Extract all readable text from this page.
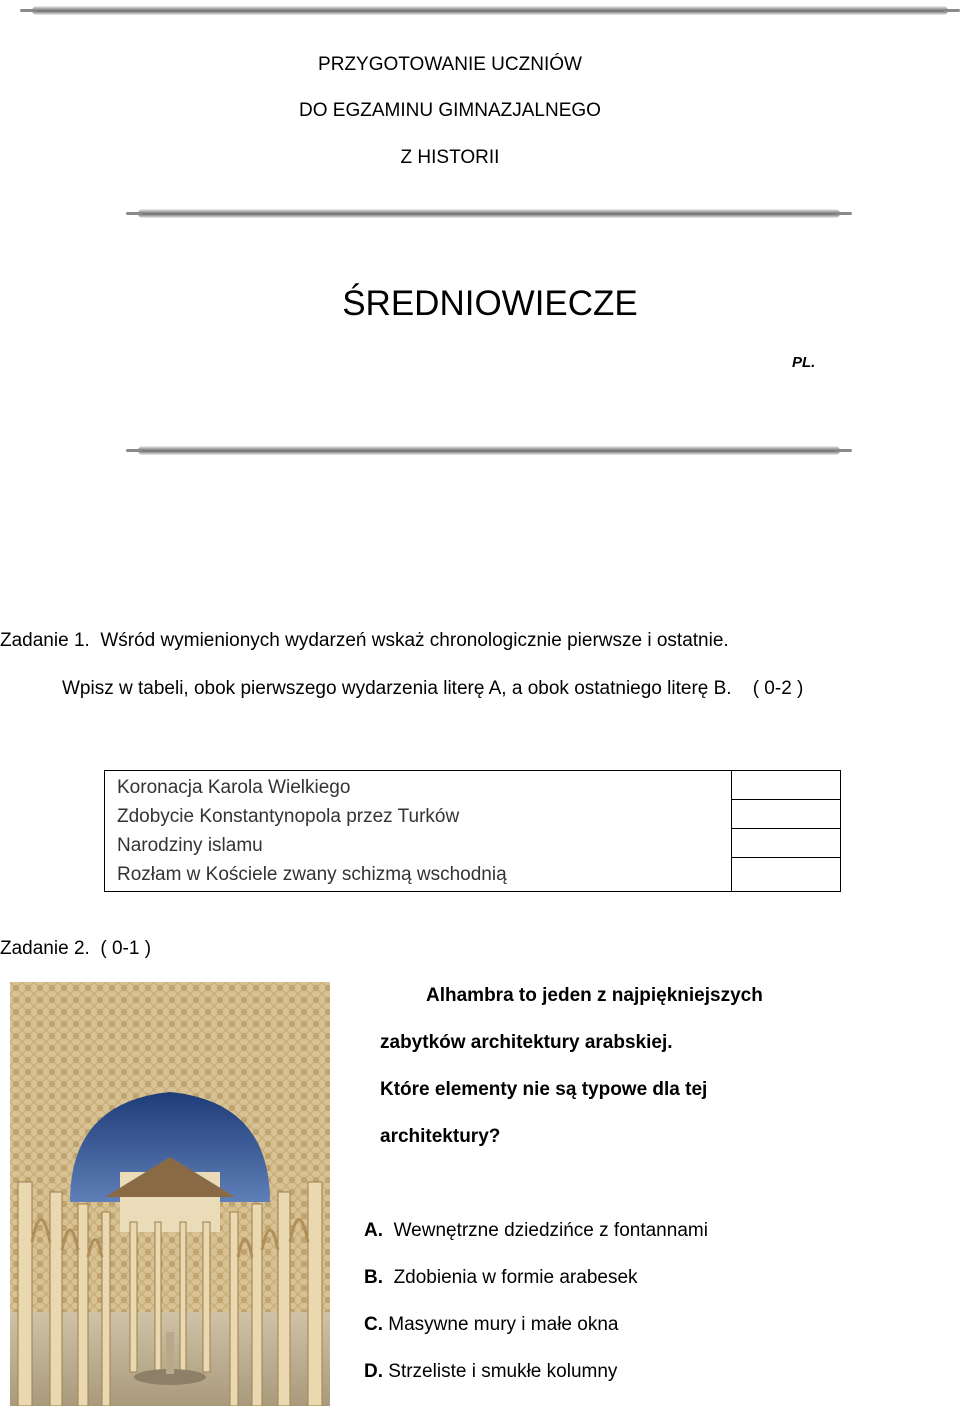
PRZYGOTOWANIE UCZNIÓW
DO EGZAMINU GIMNAZJALNEGO
Z HISTORII
ŚREDNIOWIECZE
PL.
Zadanie 1. Wśród wymienionych wydarzeń wskaż chronologicznie pierwsze i ostatnie.
Wpisz w tabeli, obok pierwszego wydarzenia literę A, a obok ostatniego literę B. ( 0-2 )
Koronacja Karola Wielkiego
Zdobycie Konstantynopola przez Turków
Narodziny islamu
Rozłam w Kościele zwany schizmą wschodnią

Zadanie 2. ( 0-1 )
Alhambra to jeden z najpiękniejszych
zabytków architektury arabskiej.
Które elementy nie są typowe dla tej
architektury?
A. Wewnętrzne dziedzińce z fontannami
B. Zdobienia w formie arabesek
C. Masywne mury i małe okna
D. Strzeliste i smukłe kolumny
